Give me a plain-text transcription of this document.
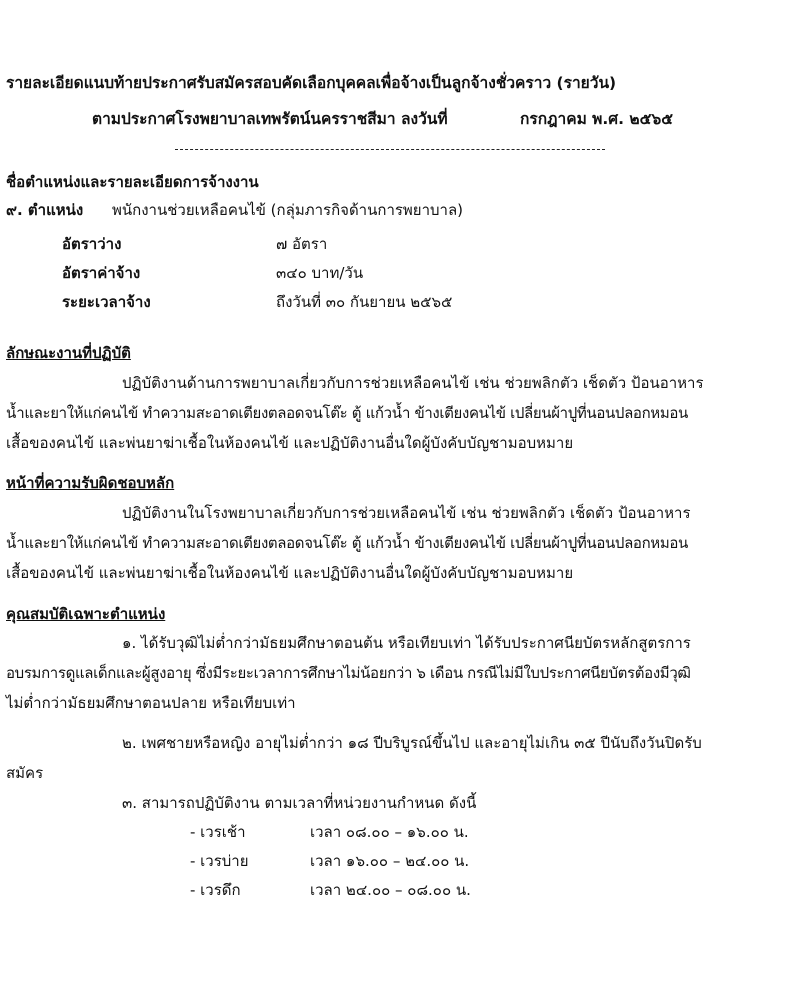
รายละเอียดแนบท้ายประกาศรับสมัครสอบคัดเลือกบุคคลเพื่อจ้างเป็นลูกจ้างชั่วคราว (รายวัน)
ตามประกาศโรงพยาบาลเทพรัตน์นครราชสีมา ลงวันที่	กรกฎาคม พ.ศ. ๒๕๖๕
ชื่อตำแหน่งและรายละเอียดการจ้างงาน
๙. ตำแหน่ง พนักงานช่วยเหลือคนไข้ (กลุ่มภารกิจด้านการพยาบาล)
อัตราว่าง	๗ อัตรา
อัตราค่าจ้าง	๓๔๐ บาท/วัน
ระยะเวลาจ้าง	ถึงวันที่ ๓๐ กันยายน ๒๕๖๕
ลักษณะงานที่ปฏิบัติ
ปฏิบัติงานด้านการพยาบาลเกี่ยวกับการช่วยเหลือคนไข้ เช่น ช่วยพลิกตัว เช็ดตัว ป้อนอาหาร
น้ำและยาให้แก่คนไข้ ทำความสะอาดเตียงตลอดจนโต๊ะ ตู้ แก้วน้ำ ข้างเตียงคนไข้ เปลี่ยนผ้าปูที่นอนปลอกหมอน
เสื้อของคนไข้ และพ่นยาฆ่าเชื้อในห้องคนไข้ และปฏิบัติงานอื่นใดผู้บังคับบัญชามอบหมาย
หน้าที่ความรับผิดชอบหลัก
ปฏิบัติงานในโรงพยาบาลเกี่ยวกับการช่วยเหลือคนไข้ เช่น ช่วยพลิกตัว เช็ดตัว ป้อนอาหาร
น้ำและยาให้แก่คนไข้ ทำความสะอาดเตียงตลอดจนโต๊ะ ตู้ แก้วน้ำ ข้างเตียงคนไข้ เปลี่ยนผ้าปูที่นอนปลอกหมอน
เสื้อของคนไข้ และพ่นยาฆ่าเชื้อในห้องคนไข้ และปฏิบัติงานอื่นใดผู้บังคับบัญชามอบหมาย
คุณสมบัติเฉพาะตำแหน่ง
๑. ได้รับวุฒิไม่ต่ำกว่ามัธยมศึกษาตอนต้น หรือเทียบเท่า ได้รับประกาศนียบัตรหลักสูตรการ
อบรมการดูแลเด็กและผู้สูงอายุ ซึ่งมีระยะเวลาการศึกษาไม่น้อยกว่า ๖ เดือน กรณีไม่มีใบประกาศนียบัตรต้องมีวุฒิ
ไม่ต่ำกว่ามัธยมศึกษาตอนปลาย หรือเทียบเท่า
๒. เพศชายหรือหญิง อายุไม่ต่ำกว่า ๑๘ ปีบริบูรณ์ขึ้นไป และอายุไม่เกิน ๓๕ ปีนับถึงวันปิดรับ
สมัคร
๓. สามารถปฏิบัติงาน ตามเวลาที่หน่วยงานกำหนด ดังนี้
- เวรเช้า	เวลา ๐๘.๐๐ – ๑๖.๐๐ น.
- เวรบ่าย	เวลา ๑๖.๐๐ – ๒๔.๐๐ น.
- เวรดึก	เวลา ๒๔.๐๐ – ๐๘.๐๐ น.
